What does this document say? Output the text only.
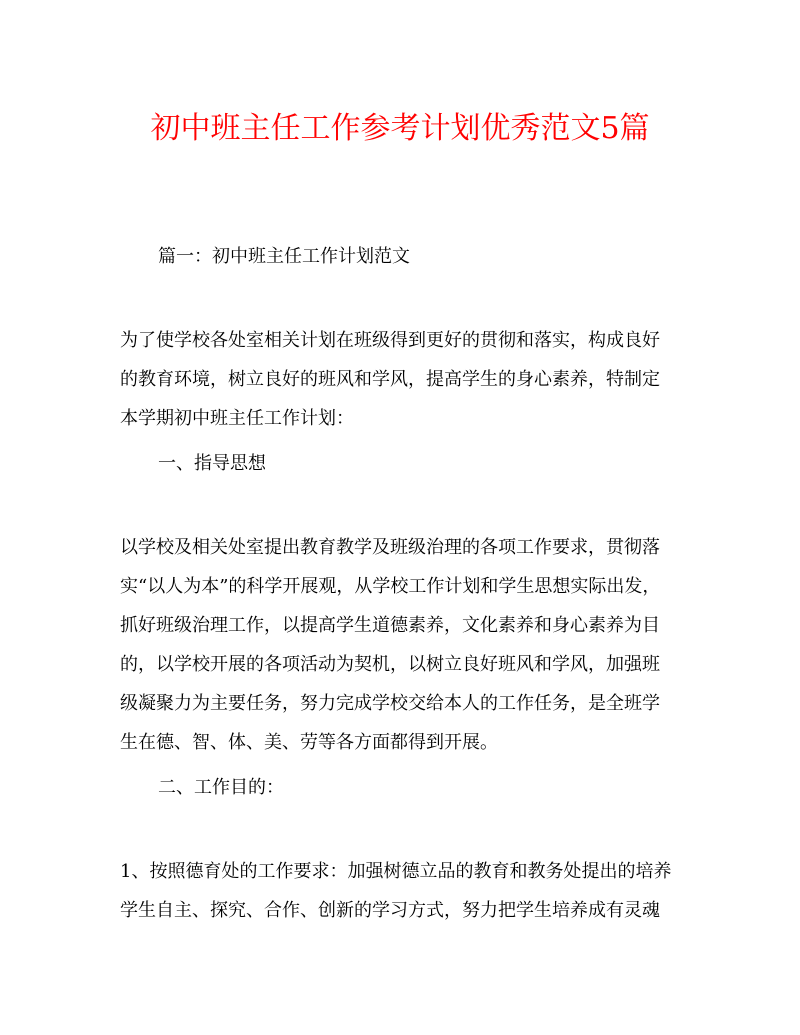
初中班主任工作参考计划优秀范文5篇

篇一：初中班主任工作计划范文

为了使学校各处室相关计划在班级得到更好的贯彻和落实，构成良好

的教育环境，树立良好的班风和学风，提高学生的身心素养，特制定

本学期初中班主任工作计划：

一、指导思想

以学校及相关处室提出教育教学及班级治理的各项工作要求，贯彻落

实“以人为本”的科学开展观，从学校工作计划和学生思想实际出发，

抓好班级治理工作，以提高学生道德素养，文化素养和身心素养为目

的，以学校开展的各项活动为契机，以树立良好班风和学风，加强班

级凝聚力为主要任务，努力完成学校交给本人的工作任务，是全班学

生在德、智、体、美、劳等各方面都得到开展。

二、工作目的：

1、按照德育处的工作要求：加强树德立品的教育和教务处提出的培养

学生自主、探究、合作、创新的学习方式，努力把学生培养成有灵魂
